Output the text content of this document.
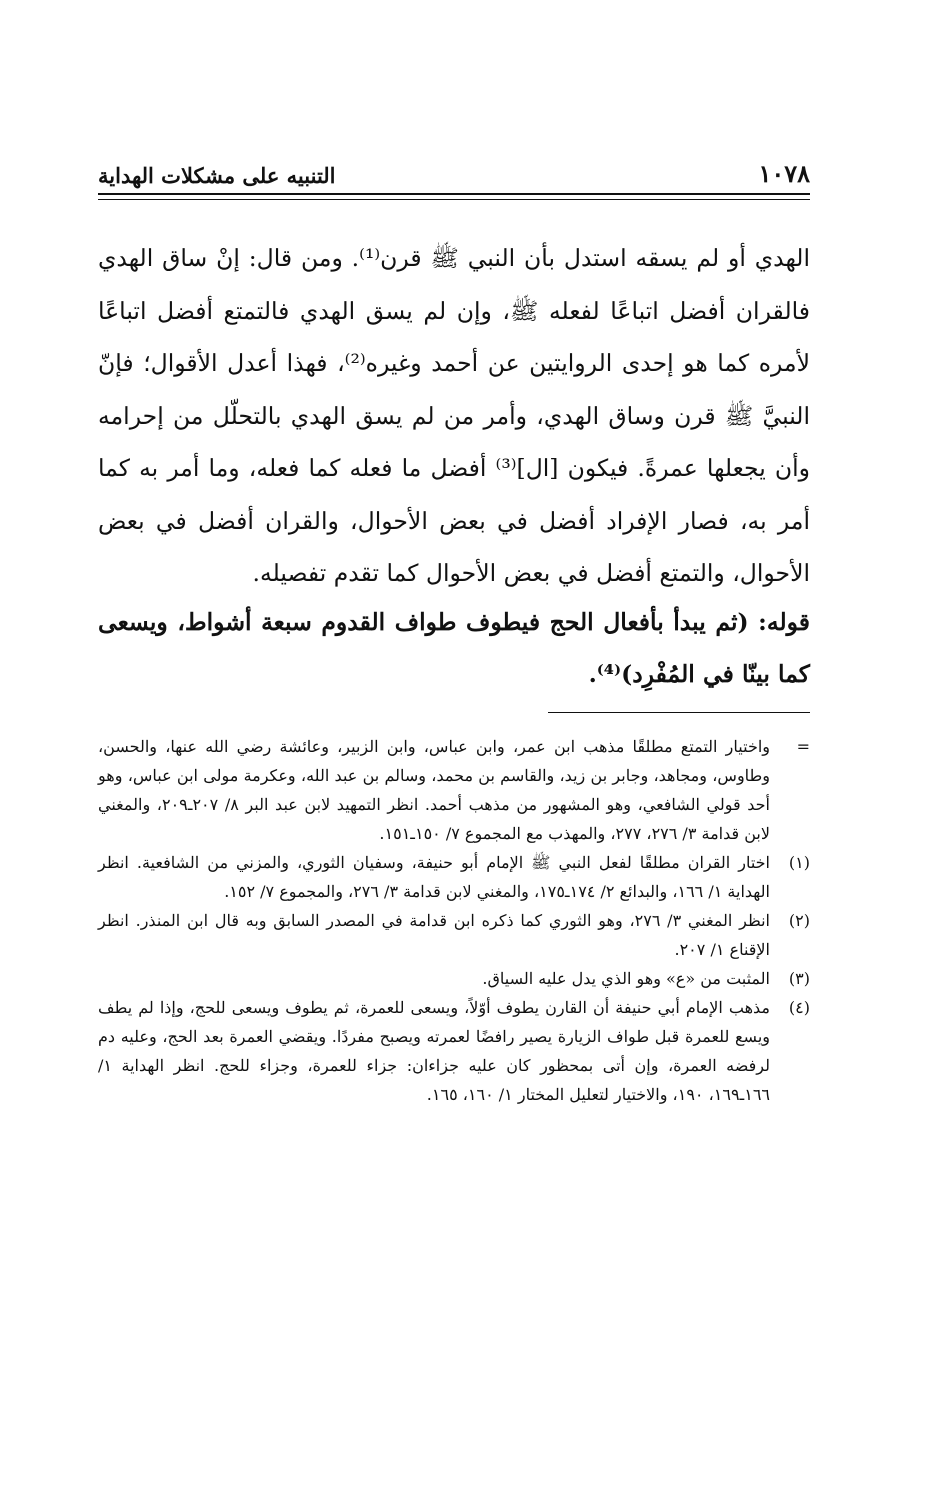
١٠٧٨
التنبيه على مشكلات الهداية

الهدي أو لم يسقه استدل بأن النبي ﷺ قرن⁽¹⁾. ومن قال: إنْ ساق الهدي فالقران أفضل اتباعًا لفعله ﷺ، وإن لم يسق الهدي فالتمتع أفضل اتباعًا لأمره كما هو إحدى الروايتين عن أحمد وغيره⁽²⁾، فهذا أعدل الأقوال؛ فإنّ النبيَّ ﷺ قرن وساق الهدي، وأمر من لم يسق الهدي بالتحلّل من إحرامه وأن يجعلها عمرةً. فيكون [ال]⁽³⁾ أفضل ما فعله كما فعله، وما أمر به كما أمر به، فصار الإفراد أفضل في بعض الأحوال، والقران أفضل في بعض الأحوال، والتمتع أفضل في بعض الأحوال كما تقدم تفصيله.

قوله: (ثم يبدأ بأفعال الحج فيطوف طواف القدوم سبعة أشواط، ويسعى كما بينّا في المُفْرِد)⁽⁴⁾.

=
واختيار التمتع مطلقًا مذهب ابن عمر، وابن عباس، وابن الزبير، وعائشة رضي الله عنها، والحسن، وطاوس، ومجاهد، وجابر بن زيد، والقاسم بن محمد، وسالم بن عبد الله، وعكرمة مولى ابن عباس، وهو أحد قولي الشافعي، وهو المشهور من مذهب أحمد. انظر التمهيد لابن عبد البر ٨/ ٢٠٧ـ٢٠٩، والمغني لابن قدامة ٣/ ٢٧٦، ٢٧٧، والمهذب مع المجموع ٧/ ١٥٠ـ١٥١.
(١)
اختار القران مطلقًا لفعل النبي ﷺ الإمام أبو حنيفة، وسفيان الثوري، والمزني من الشافعية. انظر الهداية ١/ ١٦٦، والبدائع ٢/ ١٧٤ـ١٧٥، والمغني لابن قدامة ٣/ ٢٧٦، والمجموع ٧/ ١٥٢.
(٢)
انظر المغني ٣/ ٢٧٦، وهو الثوري كما ذكره ابن قدامة في المصدر السابق وبه قال ابن المنذر. انظر الإقناع ١/ ٢٠٧.
(٣)
المثبت من «ع» وهو الذي يدل عليه السياق.
(٤)
مذهب الإمام أبي حنيفة أن القارن يطوف أوّلاً، ويسعى للعمرة، ثم يطوف ويسعى للحج، وإذا لم يطف ويسع للعمرة قبل طواف الزيارة يصير رافضًا لعمرته ويصبح مفردًا. ويقضي العمرة بعد الحج، وعليه دم لرفضه العمرة، وإن أتى بمحظور كان عليه جزاءان: جزاء للعمرة، وجزاء للحج. انظر الهداية ١/ ١٦٦ـ١٦٩، ١٩٠، والاختيار لتعليل المختار ١/ ١٦٠، ١٦٥.
